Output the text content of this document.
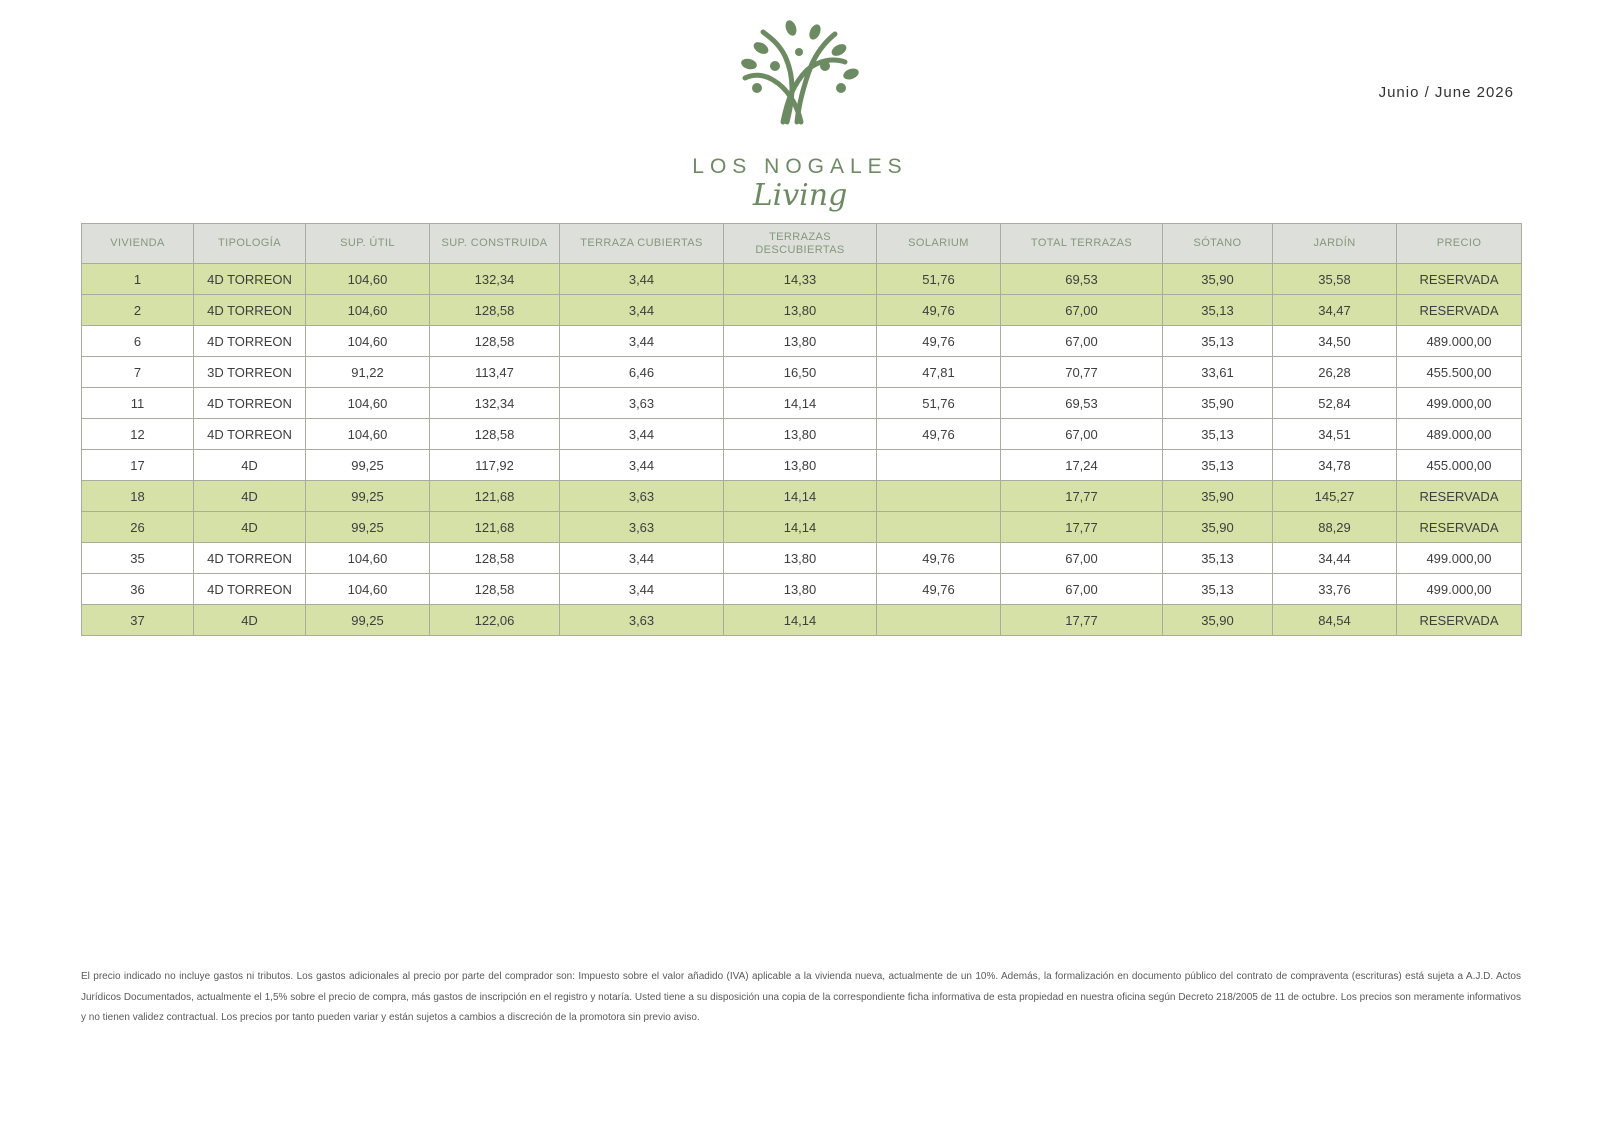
LOS NOGALES
Living
Junio / June 2026
VIVIENDA	TIPOLOGÍA	SUP. ÚTIL	SUP. CONSTRUIDA	TERRAZA CUBIERTAS	TERRAZAS DESCUBIERTAS	SOLARIUM	TOTAL TERRAZAS	SÓTANO	JARDÍN	PRECIO
1	4D TORREON	104,60	132,34	3,44	14,33	51,76	69,53	35,90	35,58	RESERVADA
2	4D TORREON	104,60	128,58	3,44	13,80	49,76	67,00	35,13	34,47	RESERVADA
6	4D TORREON	104,60	128,58	3,44	13,80	49,76	67,00	35,13	34,50	489.000,00
7	3D TORREON	91,22	113,47	6,46	16,50	47,81	70,77	33,61	26,28	455.500,00
11	4D TORREON	104,60	132,34	3,63	14,14	51,76	69,53	35,90	52,84	499.000,00
12	4D TORREON	104,60	128,58	3,44	13,80	49,76	67,00	35,13	34,51	489.000,00
17	4D	99,25	117,92	3,44	13,80		17,24	35,13	34,78	455.000,00
18	4D	99,25	121,68	3,63	14,14		17,77	35,90	145,27	RESERVADA
26	4D	99,25	121,68	3,63	14,14		17,77	35,90	88,29	RESERVADA
35	4D TORREON	104,60	128,58	3,44	13,80	49,76	67,00	35,13	34,44	499.000,00
36	4D TORREON	104,60	128,58	3,44	13,80	49,76	67,00	35,13	33,76	499.000,00
37	4D	99,25	122,06	3,63	14,14		17,77	35,90	84,54	RESERVADA
El precio indicado no incluye gastos ni tributos. Los gastos adicionales al precio por parte del comprador son: Impuesto sobre el valor añadido (IVA) aplicable a la vivienda nueva, actualmente de un 10%. Además, la formalización en documento público del contrato de compraventa (escrituras) está sujeta a A.J.D. Actos Jurídicos Documentados, actualmente el 1,5% sobre el precio de compra, más gastos de inscripción en el registro y notaría. Usted tiene a su disposición una copia de la correspondiente ficha informativa de esta propiedad en nuestra oficina según Decreto 218/2005 de 11 de octubre. Los precios son meramente informativos y no tienen validez contractual. Los precios por tanto pueden variar y están sujetos a cambios a discreción de la promotora sin previo aviso.
